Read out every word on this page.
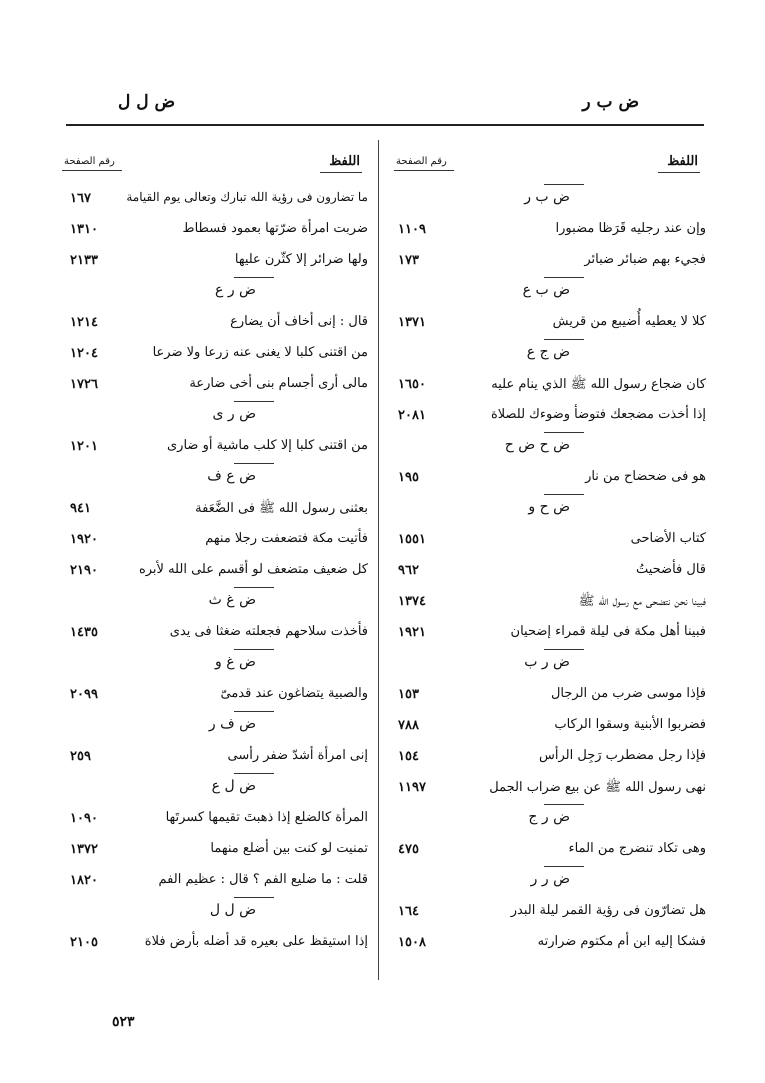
ض ب ر
ض ل ل
اللفظ
رقم الصفحة
ض ب ر
وإن عند رجليه قَرَظا مضبورا
١١٠٩
فجيء بهم ضبائر ضبائر
١٧٣
ض ب ع
كلا لا يعطيه أُضيبع من قريش
١٣٧١
ض ج ع
كان ضجاع رسول الله ﷺ الذي ينام عليه
١٦٥٠
إذا أخذت مضجعك فتوضأ وضوءك للصلاة
٢٠٨١
ض ح ض ح
هو فى ضحضاح من نار
١٩٥
ض ح و
كتاب الأضاحى
١٥٥١
قال فأضحيتُ
٩٦٢
فبينا نحن نتضحى مع رسول الله ﷺ
١٣٧٤
فبينا أهل مكة فى ليلة قمراء إضحيان
١٩٢١
ض ر ب
فإذا موسى ضرب من الرجال
١٥٣
فضربوا الأبنية وسقوا الركاب
٧٨٨
فإذا رجل مضطرب رَجِل الرأس
١٥٤
نهى رسول الله ﷺ عن بيع ضراب الجمل
١١٩٧
ض ر ج
وهى تكاد تنضرج من الماء
٤٧٥
ض ر ر
هل تضارّون فى رؤية القمر ليلة البدر
١٦٤
فشكا إليه ابن أم مكتوم ضرارته
١٥٠٨
اللفظ
رقم الصفحة
ما تضارون فى رؤية الله تبارك وتعالى يوم القيامة
١٦٧
ضربت امرأة ضرّتها بعمود فسطاط
١٣١٠
ولها ضرائر إلا كثّرن عليها
٢١٣٣
ض ر ع
قال : إنى أخاف أن يضارع
١٢١٤
من اقتنى كلبا لا يغنى عنه زرعا ولا ضرعا
١٢٠٤
مالى أرى أجسام بنى أخى ضارعة
١٧٢٦
ض ر ى
من اقتنى كلبا إلا كلب ماشية أو ضارى
١٢٠١
ض ع ف
بعثنى رسول الله ﷺ فى الضَّعَفة
٩٤١
فأتيت مكة فتضعفت رجلا منهم
١٩٢٠
كل ضعيف متضعف لو أقسم على الله لأبره
٢١٩٠
ض غ ث
فأخذت سلاحهم فجعلته ضغثا فى يدى
١٤٣٥
ض غ و
والصبية يتضاغون عند قدمىّ
٢٠٩٩
ض ف ر
إنى امرأة أشدّ ضفر رأسى
٢٥٩
ض ل ع
المرأة كالضلع إذا ذهبتَ تقيمها كسرتَها
١٠٩٠
تمنيت لو كنت بين أضلع منهما
١٣٧٢
قلت : ما ضليع الفم ؟ قال : عظيم الفم
١٨٢٠
ض ل ل
إذا استيقظ على بعيره قد أضله بأرض فلاة
٢١٠٥
٥٢٣
